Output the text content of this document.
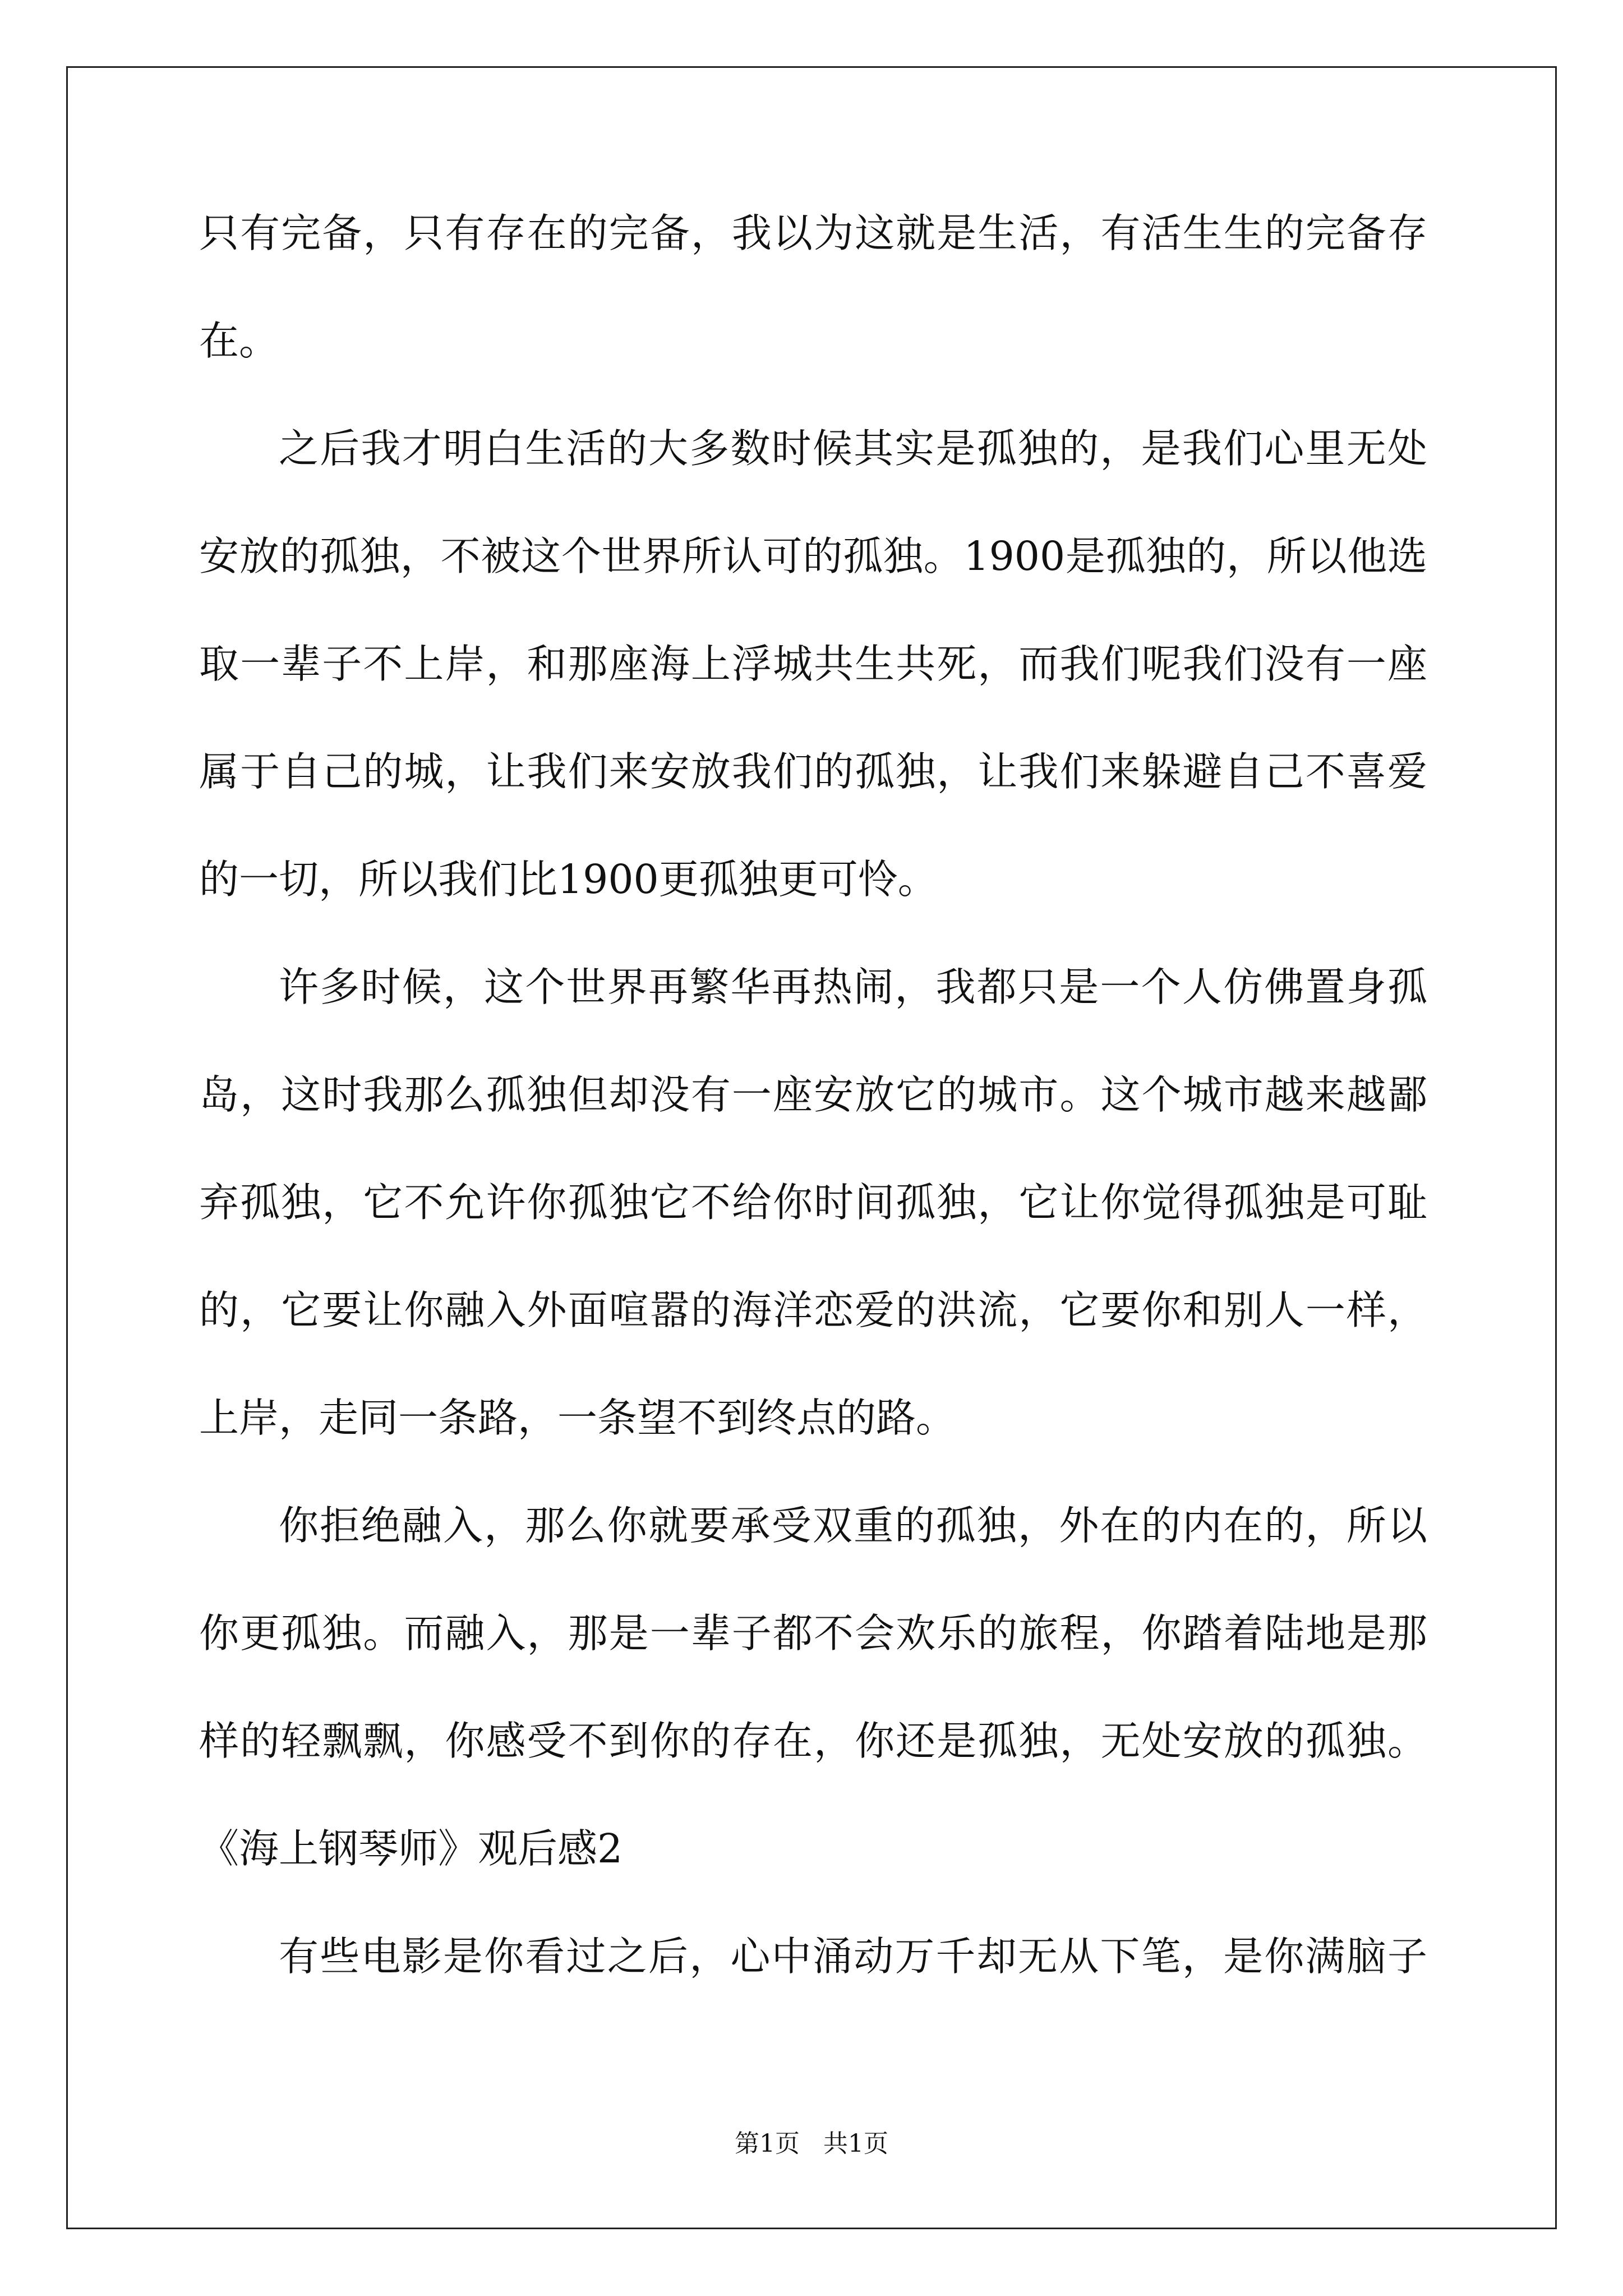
只有完备，只有存在的完备，我以为这就是生活，有活生生的完备存
在。
之后我才明白生活的大多数时候其实是孤独的，是我们心里无处
安放的孤独，不被这个世界所认可的孤独。1900是孤独的，所以他选
取一辈子不上岸，和那座海上浮城共生共死，而我们呢我们没有一座
属于自己的城，让我们来安放我们的孤独，让我们来躲避自己不喜爱
的一切，所以我们比1900更孤独更可怜。
许多时候，这个世界再繁华再热闹，我都只是一个人仿佛置身孤
岛，这时我那么孤独但却没有一座安放它的城市。这个城市越来越鄙
弃孤独，它不允许你孤独它不给你时间孤独，它让你觉得孤独是可耻
的，它要让你融入外面喧嚣的海洋恋爱的洪流，它要你和别人一样，
上岸，走同一条路，一条望不到终点的路。
你拒绝融入，那么你就要承受双重的孤独，外在的内在的，所以
你更孤独。而融入，那是一辈子都不会欢乐的旅程，你踏着陆地是那
样的轻飘飘，你感受不到你的存在，你还是孤独，无处安放的孤独。
《海上钢琴师》观后感2
有些电影是你看过之后，心中涌动万千却无从下笔，是你满脑子
第1页 共1页
